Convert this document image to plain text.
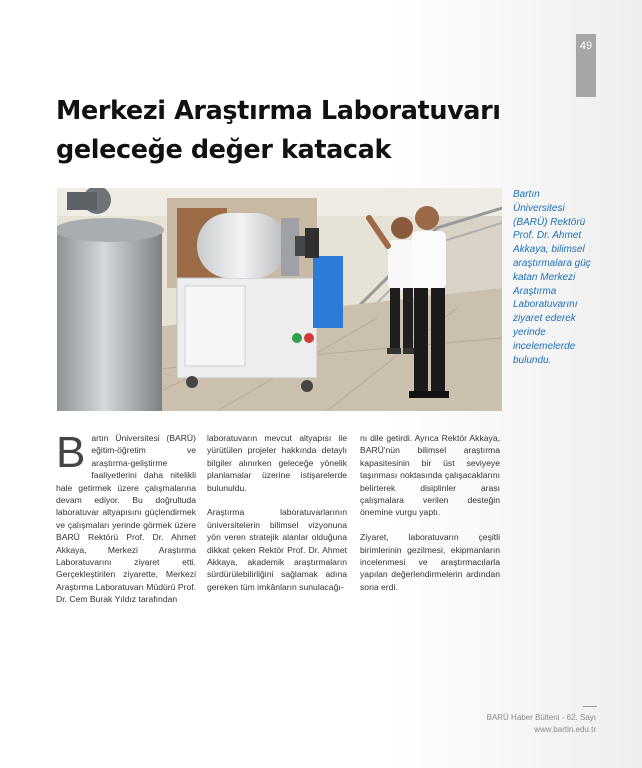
49
Merkezi Araştırma Laboratuvarı
geleceğe değer katacak

Bartın Üniversitesi (BARÜ) Rektörü Prof. Dr. Ahmet Akkaya, bilimsel araştırmalara güç katan Merkezi Araştırma Laboratuvarını ziyaret ederek yerinde incelemelerde bulundu.

Bartın Üniversitesi (BARÜ) eğitim-öğretim ve araştırma-geliştirme faaliyetlerini daha nitelikli hale getirmek üzere çalışmalarına devam ediyor. Bu doğrultuda laboratuvar altyapısını güçlendirmek ve çalışmaları yerinde görmek üzere BARÜ Rektörü Prof. Dr. Ahmet Akkaya, Merkezi Araştırma Laboratuvarını ziyaret etti. Gerçekleştirilen ziyarette, Merkezi Araştırma Laboratuvarı Müdürü Prof. Dr. Cem Burak Yıldız tarafından

laboratuvarın mevcut altyapısı ile yürütülen projeler hakkında detaylı bilgiler alınırken geleceğe yönelik planlamalar üzerine istişarelerde bulunuldu.

Araştırma laboratuvarlarının üniversitelerin bilimsel vizyonuna yön veren stratejik alanlar olduğuna dikkat çeken Rektör Prof. Dr. Ahmet Akkaya, akademik araştırmaların sürdürülebilirliğini sağlamak adına gereken tüm imkânların sunulacağı-

nı dile getirdi. Ayrıca Rektör Akkaya, BARÜ'nün bilimsel araştırma kapasitesinin bir üst seviyeye taşınması noktasında çalışacaklarını belirterek disiplinler arası çalışmalara verilen desteğin önemine vurgu yaptı.

Ziyaret, laboratuvarın çeşitli birimlerinin gezilmesi, ekipmanların incelenmesi ve araştırmacılarla yapılan değerlendirmelerin ardından sona erdi.

BARÜ Haber Bülteni - 62. Sayı
www.bartin.edu.tr
